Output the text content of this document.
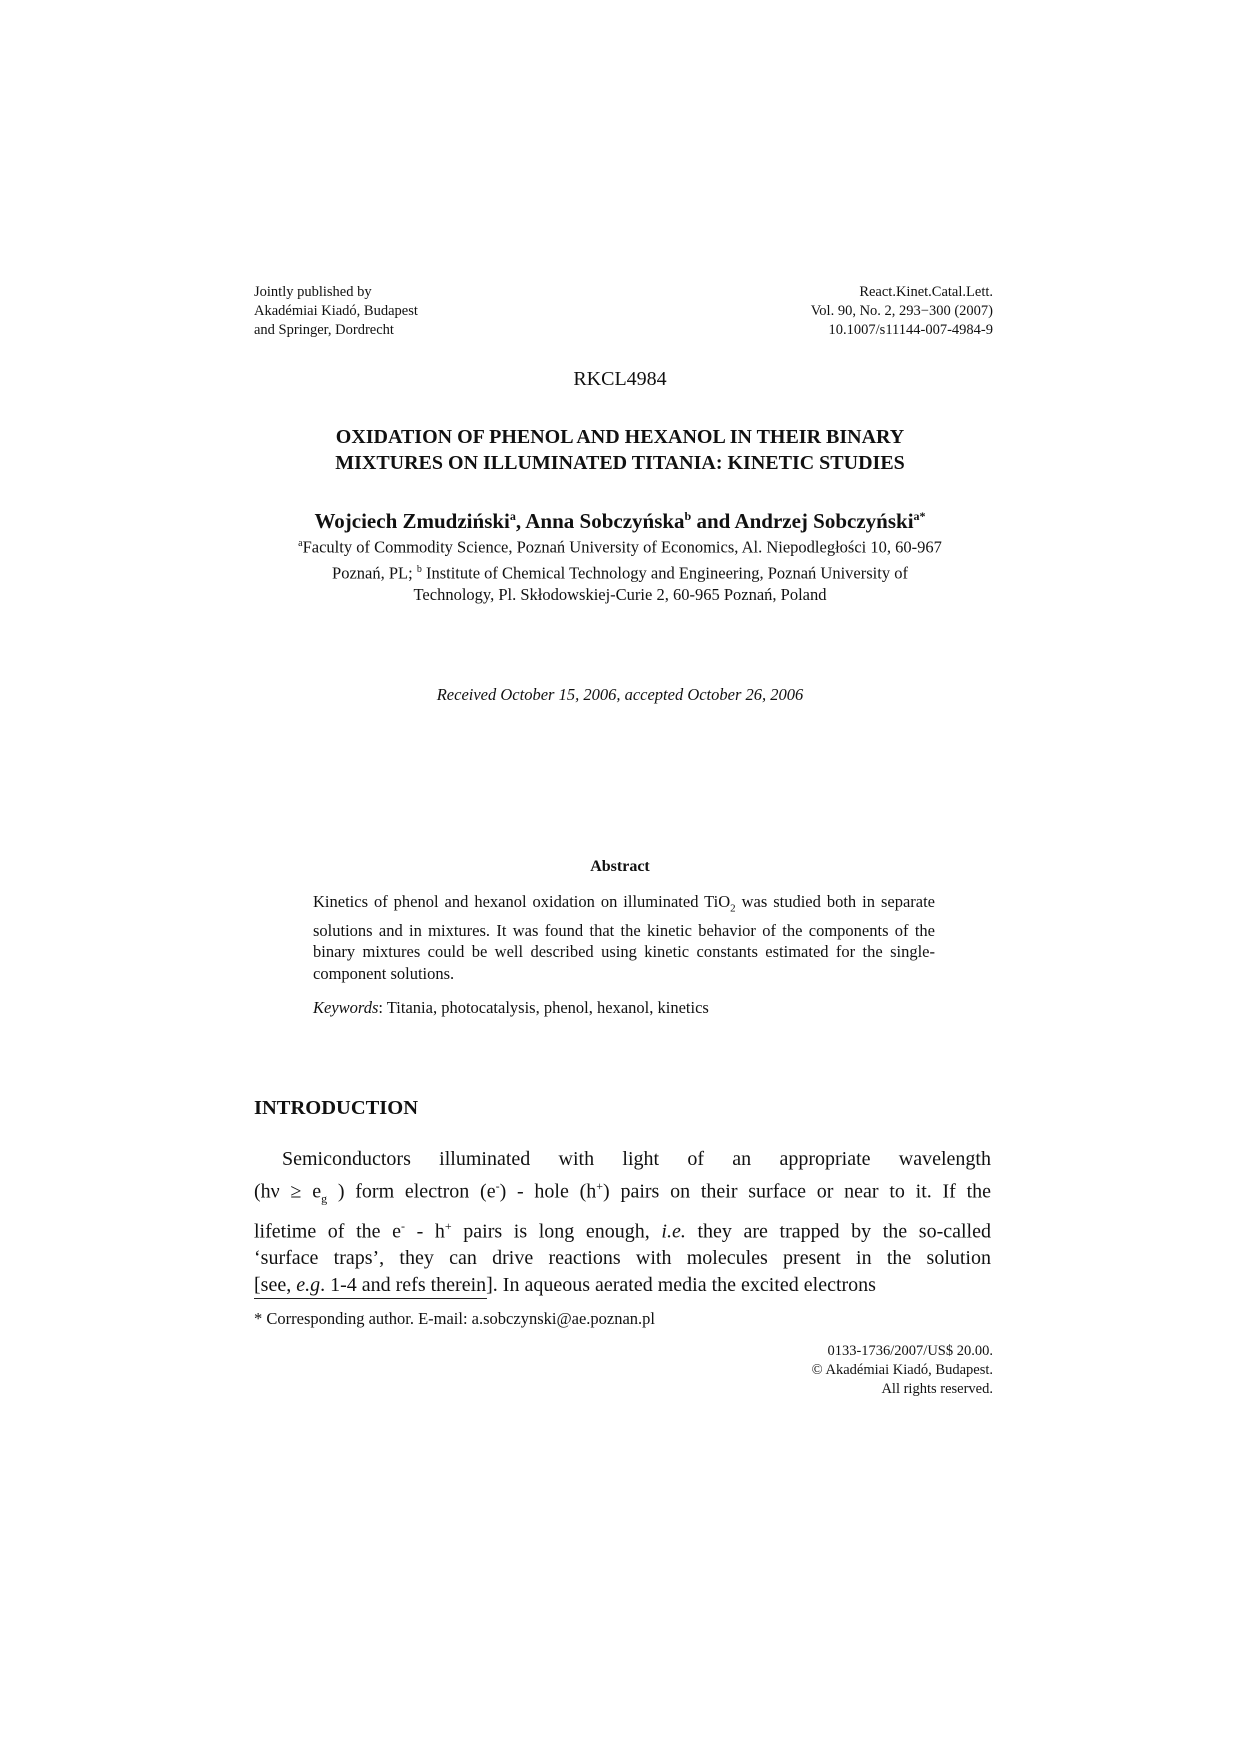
Jointly published by
Akadémiai Kiadó, Budapest
and Springer, Dordrecht
React.Kinet.Catal.Lett.
Vol. 90, No. 2, 293−300 (2007)
10.1007/s11144-007-4984-9
RKCL4984
OXIDATION OF PHENOL AND HEXANOL IN THEIR BINARY
MIXTURES ON ILLUMINATED TITANIA: KINETIC STUDIES
Wojciech Zmudziński$^a$, Anna Sobczyńska$^b$ and Andrzej Sobczyński$^{a*}$
$^a$Faculty of Commodity Science, Poznań University of Economics, Al. Niepodległości 10, 60-967
Poznań, PL; $^b$ Institute of Chemical Technology and Engineering, Poznań University of
Technology, Pl. Skłodowskiej-Curie 2, 60-965 Poznań, Poland
Received October 15, 2006, accepted October 26, 2006
Abstract
Kinetics of phenol and hexanol oxidation on illuminated TiO$_2$ was studied both in separate solutions and in mixtures. It was found that the kinetic behavior of the components of the binary mixtures could be well described using kinetic constants estimated for the single-component solutions.
Keywords: Titania, photocatalysis, phenol, hexanol, kinetics
INTRODUCTION
Semiconductors illuminated with light of an appropriate wavelength
($h\nu \ge e_g$ ) form electron (e-) - hole (h+) pairs on their surface or near to it. If the
lifetime of the e- - h+ pairs is long enough, i.e. they are trapped by the so-called
‘surface traps’, they can drive reactions with molecules present in the solution
[see, e.g. 1-4 and refs therein]. In aqueous aerated media the excited electrons
* Corresponding author. E-mail: a.sobczynski@ae.poznan.pl
0133-1736/2007/US$ 20.00.
© Akadémiai Kiadó, Budapest.
All rights reserved.
